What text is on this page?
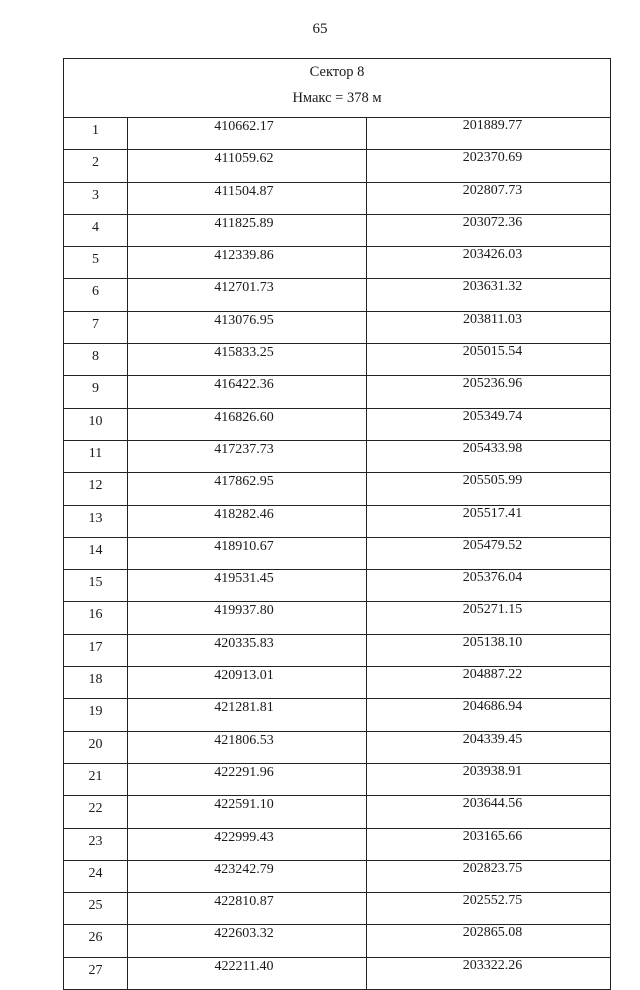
65
Сектор 8
Hмакс = 378 м
1	410662.17	201889.77
2	411059.62	202370.69
3	411504.87	202807.73
4	411825.89	203072.36
5	412339.86	203426.03
6	412701.73	203631.32
7	413076.95	203811.03
8	415833.25	205015.54
9	416422.36	205236.96
10	416826.60	205349.74
11	417237.73	205433.98
12	417862.95	205505.99
13	418282.46	205517.41
14	418910.67	205479.52
15	419531.45	205376.04
16	419937.80	205271.15
17	420335.83	205138.10
18	420913.01	204887.22
19	421281.81	204686.94
20	421806.53	204339.45
21	422291.96	203938.91
22	422591.10	203644.56
23	422999.43	203165.66
24	423242.79	202823.75
25	422810.87	202552.75
26	422603.32	202865.08
27	422211.40	203322.26
